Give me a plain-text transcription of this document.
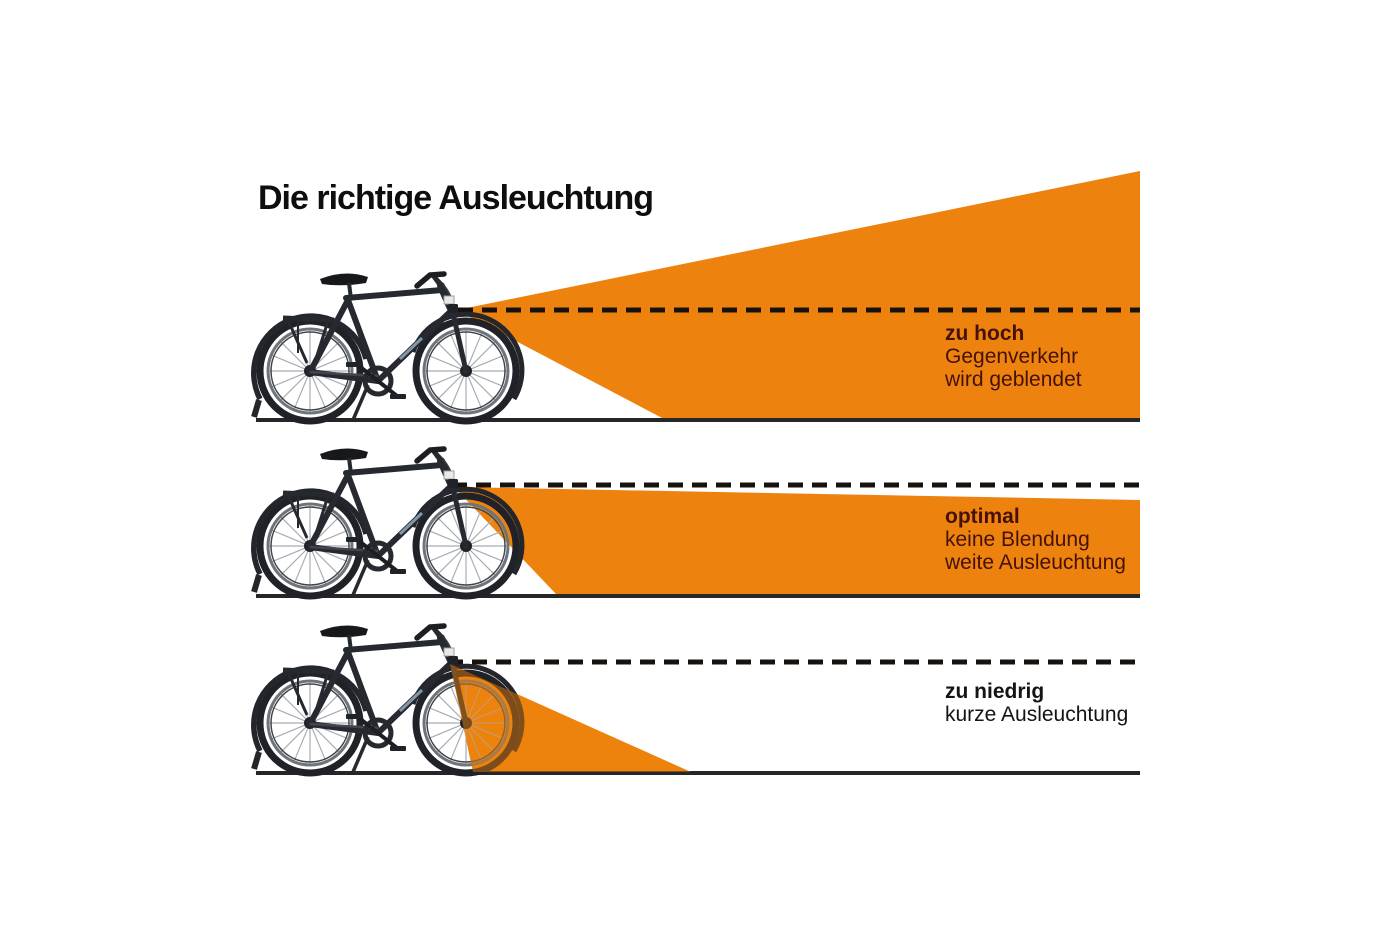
Die richtige Ausleuchtung
zu hoch
Gegenverkehr
wird geblendet
optimal
keine Blendung
weite Ausleuchtung
zu niedrig
kurze Ausleuchtung
